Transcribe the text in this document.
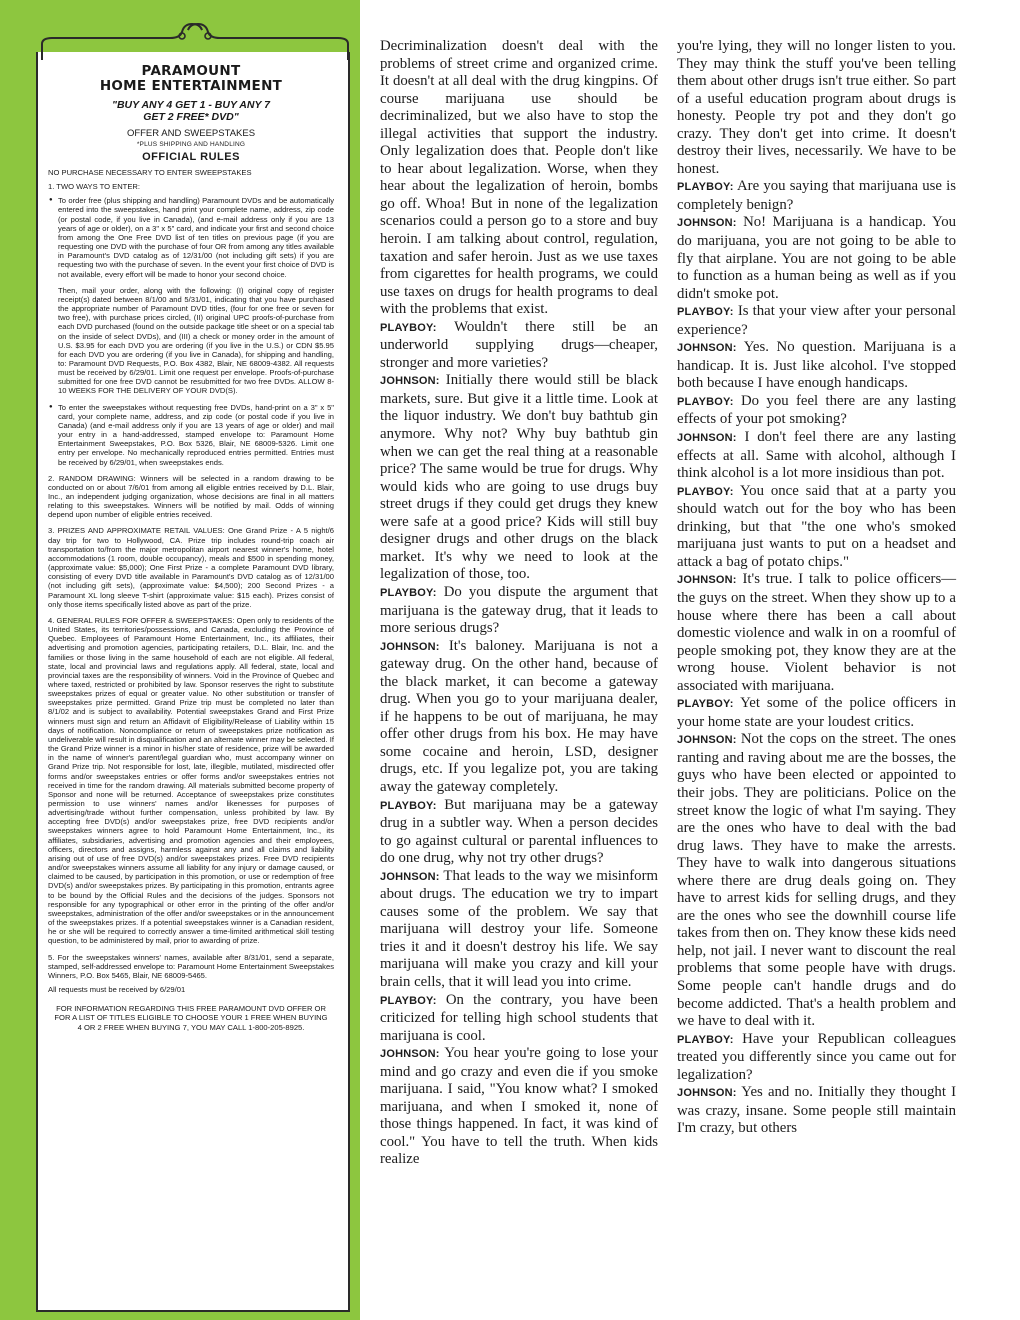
PARAMOUNT
HOME ENTERTAINMENT
"BUY ANY 4 GET 1 - BUY ANY 7
GET 2 FREE* DVD"
OFFER AND SWEEPSTAKES
*PLUS SHIPPING AND HANDLING
OFFICIAL RULES

NO PURCHASE NECESSARY TO ENTER SWEEPSTAKES

1. TWO WAYS TO ENTER:

● To order free (plus shipping and handling) Paramount DVDs and be automatically entered into the sweepstakes, hand print your complete name, address, zip code (or postal code, if you live in Canada), (and e-mail address only if you are 13 years of age or older), on a 3" x 5" card, and indicate your first and second choice from among the One Free DVD list of ten titles on previous page (if you are requesting one DVD with the purchase of four OR from among any titles available in Paramount's DVD catalog as of 12/31/00 (not including gift sets) if you are requesting two with the purchase of seven. In the event your first choice of DVD is not available, every effort will be made to honor your second choice.

Then, mail your order, along with the following: (I) original copy of register receipt(s) dated between 8/1/00 and 5/31/01, indicating that you have purchased the appropriate number of Paramount DVD titles, (four for one free or seven for two free), with purchase prices circled, (II) original UPC proofs-of-purchase from each DVD purchased (found on the outside package title sheet or on a special tab on the inside of select DVDs), and (III) a check or money order in the amount of U.S. $3.95 for each DVD you are ordering (if you live in the U.S.) or CDN $5.95 for each DVD you are ordering (if you live in Canada), for shipping and handling, to: Paramount DVD Requests, P.O. Box 4382, Blair, NE 68009-4382. All requests must be received by 6/29/01. Limit one request per envelope. Proofs-of-purchase submitted for one free DVD cannot be resubmitted for two free DVDs. ALLOW 8-10 WEEKS FOR THE DELIVERY OF YOUR DVD(S).

● To enter the sweepstakes without requesting free DVDs, hand-print on a 3" x 5" card, your complete name, address, and zip code (or postal code if you live in Canada) (and e-mail address only if you are 13 years of age or older) and mail your entry in a hand-addressed, stamped envelope to: Paramount Home Entertainment Sweepstakes, P.O. Box 5326, Blair, NE 68009-5326. Limit one entry per envelope. No mechanically reproduced entries permitted. Entries must be received by 6/29/01, when sweepstakes ends.

2. RANDOM DRAWING: Winners will be selected in a random drawing to be conducted on or about 7/6/01 from among all eligible entries received by D.L. Blair, Inc., an independent judging organization, whose decisions are final in all matters relating to this sweepstakes. Winners will be notified by mail. Odds of winning depend upon number of eligible entries received.

3. PRIZES AND APPROXIMATE RETAIL VALUES: One Grand Prize - A 5 night/6 day trip for two to Hollywood, CA. Prize trip includes round-trip coach air transportation to/from the major metropolitan airport nearest winner's home, hotel accommodations (1 room, double occupancy), meals and $500 in spending money, (approximate value: $5,000); One First Prize - a complete Paramount DVD library, consisting of every DVD title available in Paramount's DVD catalog as of 12/31/00 (not including gift sets), (approximate value: $4,500); 200 Second Prizes - a Paramount XL long sleeve T-shirt (approximate value: $15 each). Prizes consist of only those items specifically listed above as part of the prize.

4. GENERAL RULES FOR OFFER & SWEEPSTAKES: Open only to residents of the United States, its territories/possessions, and Canada, excluding the Province of Quebec. Employees of Paramount Home Entertainment, Inc., its affiliates, their advertising and promotion agencies, participating retailers, D.L. Blair, Inc. and the families or those living in the same household of each are not eligible. All federal, state, local and provincial laws and regulations apply. All federal, state, local and provincial taxes are the responsibility of winners. Void in the Province of Quebec and where taxed, restricted or prohibited by law. Sponsor reserves the right to substitute sweepstakes prizes of equal or greater value. No other substitution or transfer of sweepstakes prize permitted. Grand Prize trip must be completed no later than 8/1/02 and is subject to availability. Potential sweepstakes Grand and First Prize winners must sign and return an Affidavit of Eligibility/Release of Liability within 15 days of notification. Noncompliance or return of sweepstakes prize notification as undeliverable will result in disqualification and an alternate winner may be selected. If the Grand Prize winner is a minor in his/her state of residence, prize will be awarded in the name of winner's parent/legal guardian who, must accompany winner on Grand Prize trip. Not responsible for lost, late, illegible, mutilated, misdirected offer forms and/or sweepstakes entries or offer forms and/or sweepstakes entries not received in time for the random drawing. All materials submitted become property of Sponsor and none will be returned. Acceptance of sweepstakes prize constitutes permission to use winners' names and/or likenesses for purposes of advertising/trade without further compensation, unless prohibited by law. By accepting free DVD(s) and/or sweepstakes prize, free DVD recipients and/or sweepstakes winners agree to hold Paramount Home Entertainment, Inc., its affiliates, subsidiaries, advertising and promotion agencies and their employees, officers, directors and assigns, harmless against any and all claims and liability arising out of use of free DVD(s) and/or sweepstakes prizes. Free DVD recipients and/or sweepstakes winners assume all liability for any injury or damage caused, or claimed to be caused, by participation in this promotion, or use or redemption of free DVD(s) and/or sweepstakes prizes. By participating in this promotion, entrants agree to be bound by the Official Rules and the decisions of the judges. Sponsors not responsible for any typographical or other error in the printing of the offer and/or sweepstakes, administration of the offer and/or sweepstakes or in the announcement of the sweepstakes prizes. If a potential sweepstakes winner is a Canadian resident, he or she will be required to correctly answer a time-limited arithmetical skill testing question, to be administered by mail, prior to awarding of prize.

5. For the sweepstakes winners' names, available after 8/31/01, send a separate, stamped, self-addressed envelope to: Paramount Home Entertainment Sweepstakes Winners, P.O. Box 5465, Blair, NE 68009-5465.

All requests must be received by 6/29/01

FOR INFORMATION REGARDING THIS FREE PARAMOUNT DVD OFFER OR FOR A LIST OF TITLES ELIGIBLE TO CHOOSE YOUR 1 FREE WHEN BUYING 4 OR 2 FREE WHEN BUYING 7, YOU MAY CALL 1-800-205-8925.

Decriminalization doesn't deal with the problems of street crime and organized crime. It doesn't at all deal with the drug kingpins. Of course marijuana use should be decriminalized, but we also have to stop the illegal activities that support the industry. Only legalization does that. People don't like to hear about legalization. Worse, when they hear about the legalization of heroin, bombs go off. Whoa! But in none of the legalization scenarios could a person go to a store and buy heroin. I am talking about control, regulation, taxation and safer heroin. Just as we use taxes from cigarettes for health programs, we could use taxes on drugs for health programs to deal with the problems that exist.

PLAYBOY: Wouldn't there still be an underworld supplying drugs—cheaper, stronger and more varieties?

JOHNSON: Initially there would still be black markets, sure. But give it a little time. Look at the liquor industry. We don't buy bathtub gin anymore. Why not? Why buy bathtub gin when we can get the real thing at a reasonable price? The same would be true for drugs. Why would kids who are going to use drugs buy street drugs if they could get drugs they knew were safe at a good price? Kids will still buy designer drugs and other drugs on the black market. It's why we need to look at the legalization of those, too.

PLAYBOY: Do you dispute the argument that marijuana is the gateway drug, that it leads to more serious drugs?

JOHNSON: It's baloney. Marijuana is not a gateway drug. On the other hand, because of the black market, it can become a gateway drug. When you go to your marijuana dealer, if he happens to be out of marijuana, he may offer other drugs from his box. He may have some cocaine and heroin, LSD, designer drugs, etc. If you legalize pot, you are taking away the gateway completely.

PLAYBOY: But marijuana may be a gateway drug in a subtler way. When a person decides to go against cultural or parental influences to do one drug, why not try other drugs?

JOHNSON: That leads to the way we misinform about drugs. The education we try to impart causes some of the problem. We say that marijuana will destroy your life. Someone tries it and it doesn't destroy his life. We say marijuana will make you crazy and kill your brain cells, that it will lead you into crime.

PLAYBOY: On the contrary, you have been criticized for telling high school students that marijuana is cool.

JOHNSON: You hear you're going to lose your mind and go crazy and even die if you smoke marijuana. I said, "You know what? I smoked marijuana, and when I smoked it, none of those things happened. In fact, it was kind of cool." You have to tell the truth. When kids realize

you're lying, they will no longer listen to you. They may think the stuff you've been telling them about other drugs isn't true either. So part of a useful education program about drugs is honesty. People try pot and they don't go crazy. They don't get into crime. It doesn't destroy their lives, necessarily. We have to be honest.

PLAYBOY: Are you saying that marijuana use is completely benign?

JOHNSON: No! Marijuana is a handicap. You do marijuana, you are not going to be able to fly that airplane. You are not going to be able to function as a human being as well as if you didn't smoke pot.

PLAYBOY: Is that your view after your personal experience?

JOHNSON: Yes. No question. Marijuana is a handicap. It is. Just like alcohol. I've stopped both because I have enough handicaps.

PLAYBOY: Do you feel there are any lasting effects of your pot smoking?

JOHNSON: I don't feel there are any lasting effects at all. Same with alcohol, although I think alcohol is a lot more insidious than pot.

PLAYBOY: You once said that at a party you should watch out for the boy who has been drinking, but that "the one who's smoked marijuana just wants to put on a headset and attack a bag of potato chips."

JOHNSON: It's true. I talk to police officers—the guys on the street. When they show up to a house where there has been a call about domestic violence and walk in on a roomful of people smoking pot, they know they are at the wrong house. Violent behavior is not associated with marijuana.

PLAYBOY: Yet some of the police officers in your home state are your loudest critics.

JOHNSON: Not the cops on the street. The ones ranting and raving about me are the bosses, the guys who have been elected or appointed to their jobs. They are politicians. Police on the street know the logic of what I'm saying. They are the ones who have to deal with the bad drug laws. They have to make the arrests. They have to walk into dangerous situations where there are drug deals going on. They have to arrest kids for selling drugs, and they are the ones who see the downhill course life takes from then on. They know these kids need help, not jail. I never want to discount the real problems that some people have with drugs. Some people can't handle drugs and do become addicted. That's a health problem and we have to deal with it.

PLAYBOY: Have your Republican colleagues treated you differently since you came out for legalization?

JOHNSON: Yes and no. Initially they thought I was crazy, insane. Some people still maintain I'm crazy, but others
